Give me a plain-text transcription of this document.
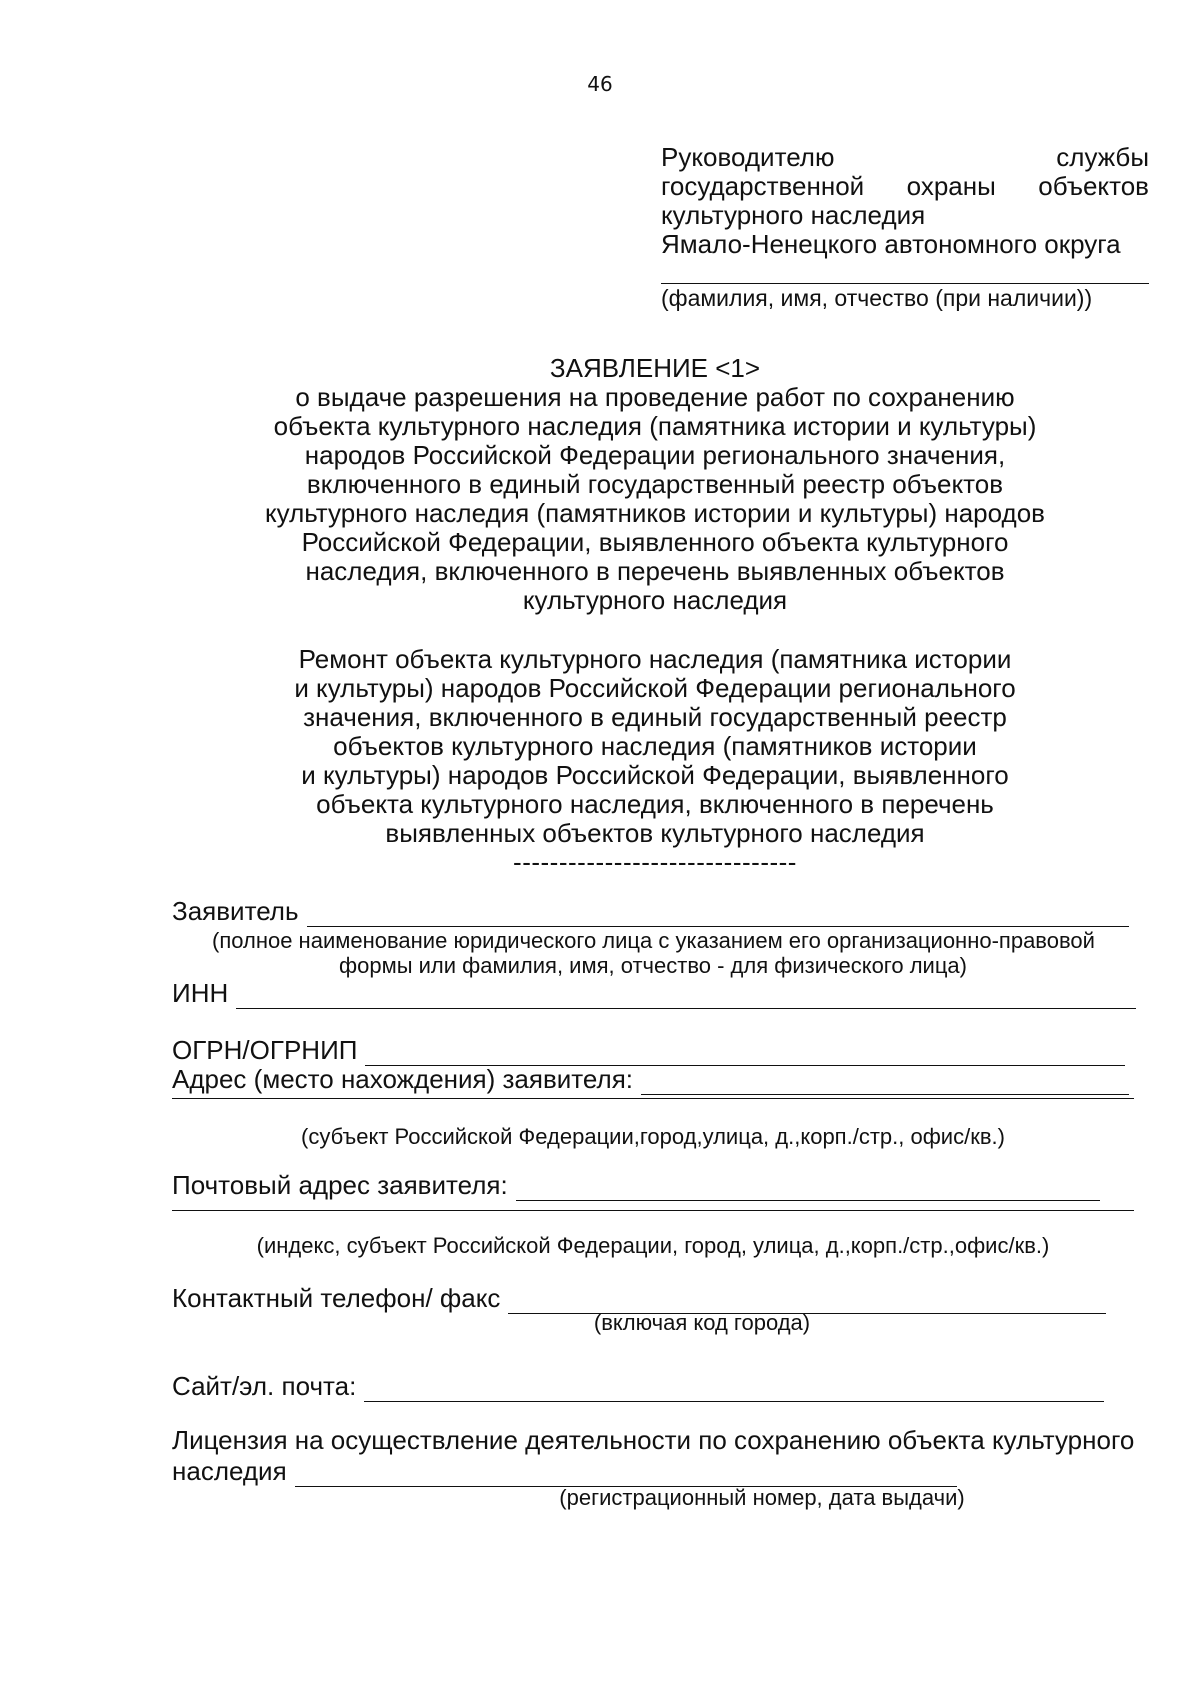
46
Руководителю службы
государственной охраны объектов
культурного наследия
Ямало-Ненецкого автономного округа
(фамилия, имя, отчество (при наличии))
ЗАЯВЛЕНИЕ <1>
о выдаче разрешения на проведение работ по сохранению
объекта культурного наследия (памятника истории и культуры)
народов Российской Федерации регионального значения,
включенного в единый государственный реестр объектов
культурного наследия (памятников истории и культуры) народов
Российской Федерации, выявленного объекта культурного
наследия, включенного в перечень выявленных объектов
культурного наследия
Ремонт объекта культурного наследия (памятника истории
и культуры) народов Российской Федерации регионального
значения, включенного в единый государственный реестр
объектов культурного наследия (памятников истории
и культуры) народов Российской Федерации, выявленного
объекта культурного наследия, включенного в перечень
выявленных объектов культурного наследия
-------------------------------
Заявитель
(полное наименование юридического лица с указанием его организационно-правовой
формы или фамилия, имя, отчество - для физического лица)
ИНН
ОГРН/ОГРНИП
Адрес (место нахождения) заявителя:
(субъект Российской Федерации,город,улица, д.,корп./стр., офис/кв.)
Почтовый адрес заявителя:
(индекс, субъект Российской Федерации, город, улица, д.,корп./стр.,офис/кв.)
Контактный телефон/ факс
(включая код города)
Сайт/эл. почта:
Лицензия на осуществление деятельности по сохранению объекта культурного
наследия
(регистрационный номер, дата выдачи)
